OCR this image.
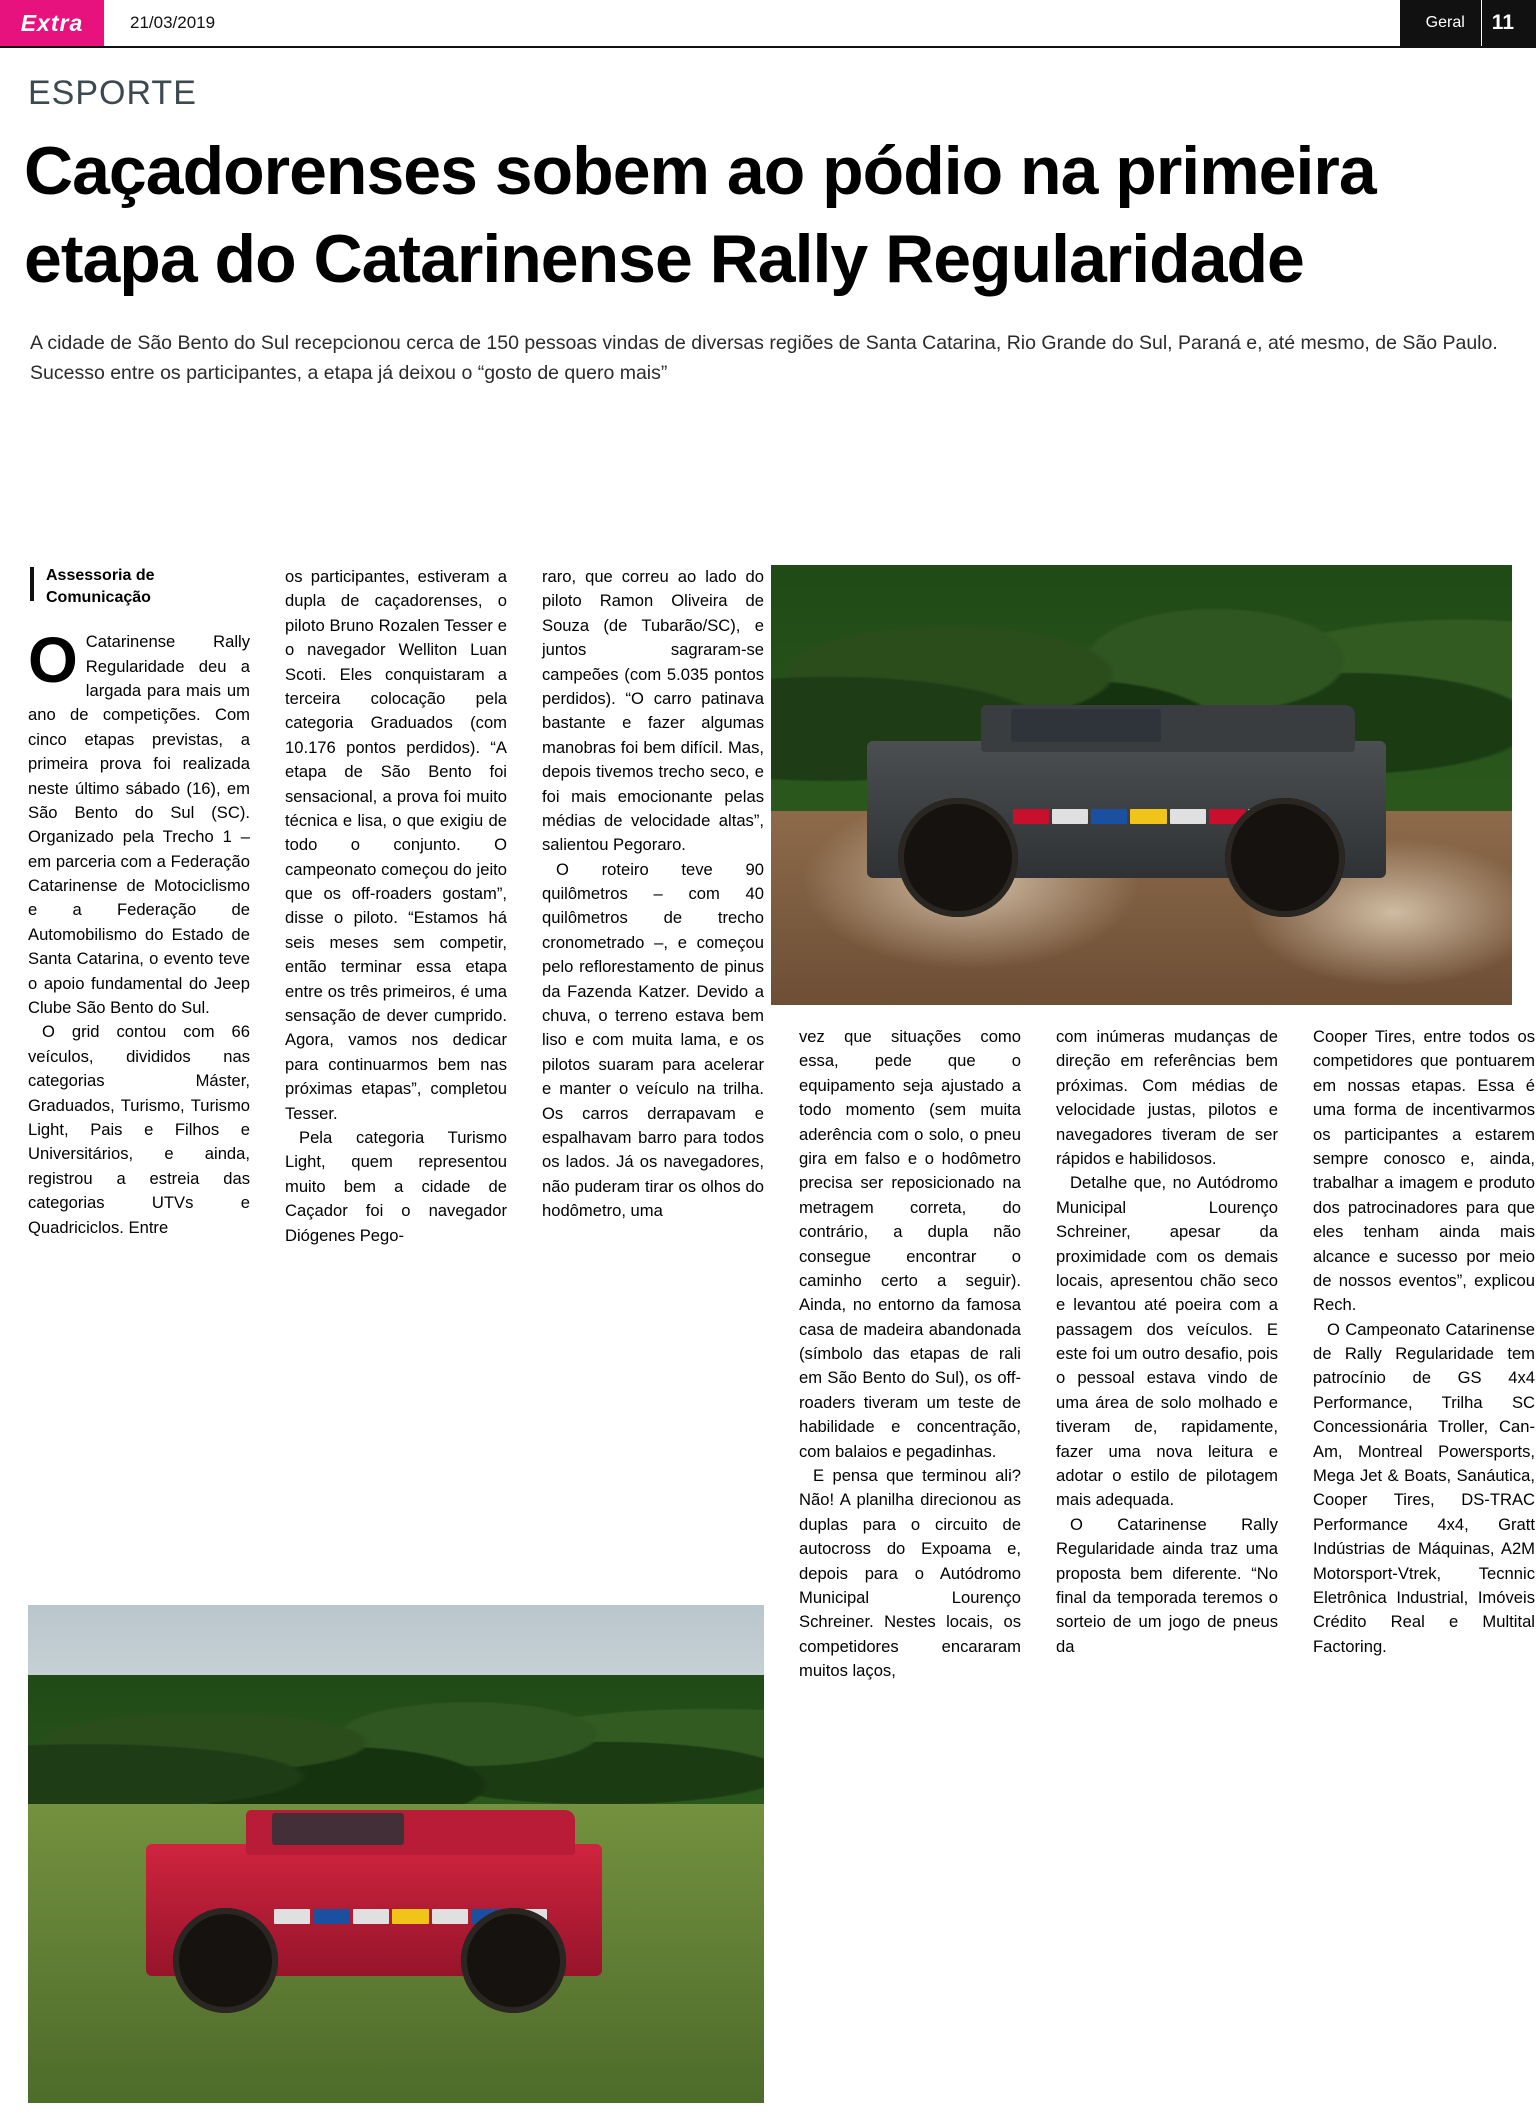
Extra	21/03/2019	Geral	11
ESPORTE
Caçadorenses sobem ao pódio na primeira etapa do Catarinense Rally Regularidade
A cidade de São Bento do Sul recepcionou cerca de 150 pessoas vindas de diversas regiões de Santa Catarina, Rio Grande do Sul, Paraná e, até mesmo, de São Paulo. Sucesso entre os participantes, a etapa já deixou o “gosto de quero mais”
Assessoria de Comunicação

O Catarinense Rally Regularidade deu a largada para mais um ano de competições. Com cinco etapas previstas, a primeira prova foi realizada neste último sábado (16), em São Bento do Sul (SC). Organizado pela Trecho 1 – em parceria com a Federação Catarinense de Motociclismo e a Federação de Automobilismo do Estado de Santa Catarina, o evento teve o apoio fundamental do Jeep Clube São Bento do Sul.

O grid contou com 66 veículos, divididos nas categorias Máster, Graduados, Turismo, Turismo Light, Pais e Filhos e Universitários, e ainda, registrou a estreia das categorias UTVs e Quadriciclos. Entre

os participantes, estiveram a dupla de caçadorenses, o piloto Bruno Rozalen Tesser e o navegador Welliton Luan Scoti. Eles conquistaram a terceira colocação pela categoria Graduados (com 10.176 pontos perdidos). “A etapa de São Bento foi sensacional, a prova foi muito técnica e lisa, o que exigiu de todo o conjunto. O campeonato começou do jeito que os off-roaders gostam”, disse o piloto. “Estamos há seis meses sem competir, então terminar essa etapa entre os três primeiros, é uma sensação de dever cumprido. Agora, vamos nos dedicar para continuarmos bem nas próximas etapas”, completou Tesser.

Pela categoria Turismo Light, quem representou muito bem a cidade de Caçador foi o navegador Diógenes Pego-

raro, que correu ao lado do piloto Ramon Oliveira de Souza (de Tubarão/SC), e juntos sagraram-se campeões (com 5.035 pontos perdidos). “O carro patinava bastante e fazer algumas manobras foi bem difícil. Mas, depois tivemos trecho seco, e foi mais emocionante pelas médias de velocidade altas”, salientou Pegoraro.

O roteiro teve 90 quilômetros – com 40 quilômetros de trecho cronometrado –, e começou pelo reflorestamento de pinus da Fazenda Katzer. Devido a chuva, o terreno estava bem liso e com muita lama, e os pilotos suaram para acelerar e manter o veículo na trilha. Os carros derrapavam e espalhavam barro para todos os lados. Já os navegadores, não puderam tirar os olhos do hodômetro, uma

vez que situações como essa, pede que o equipamento seja ajustado a todo momento (sem muita aderência com o solo, o pneu gira em falso e o hodômetro precisa ser reposicionado na metragem correta, do contrário, a dupla não consegue encontrar o caminho certo a seguir). Ainda, no entorno da famosa casa de madeira abandonada (símbolo das etapas de rali em São Bento do Sul), os off-roaders tiveram um teste de habilidade e concentração, com balaios e pegadinhas.

E pensa que terminou ali? Não! A planilha direcionou as duplas para o circuito de autocross do Expoama e, depois para o Autódromo Municipal Lourenço Schreiner. Nestes locais, os competidores encararam muitos laços,

com inúmeras mudanças de direção em referências bem próximas. Com médias de velocidade justas, pilotos e navegadores tiveram de ser rápidos e habilidosos.

Detalhe que, no Autódromo Municipal Lourenço Schreiner, apesar da proximidade com os demais locais, apresentou chão seco e levantou até poeira com a passagem dos veículos. E este foi um outro desafio, pois o pessoal estava vindo de uma área de solo molhado e tiveram de, rapidamente, fazer uma nova leitura e adotar o estilo de pilotagem mais adequada.

O Catarinense Rally Regularidade ainda traz uma proposta bem diferente. “No final da temporada teremos o sorteio de um jogo de pneus da

Cooper Tires, entre todos os competidores que pontuarem em nossas etapas. Essa é uma forma de incentivarmos os participantes a estarem sempre conosco e, ainda, trabalhar a imagem e produto dos patrocinadores para que eles tenham ainda mais alcance e sucesso por meio de nossos eventos”, explicou Rech.

O Campeonato Catarinense de Rally Regularidade tem patrocínio de GS 4x4 Performance, Trilha SC Concessionária Troller, Can-Am, Montreal Powersports, Mega Jet & Boats, Sanáutica, Cooper Tires, DS-TRAC Performance 4x4, Gratt Indústrias de Máquinas, A2M Motorsport-Vtrek, Tecnnic Eletrônica Industrial, Imóveis Crédito Real e Multital Factoring.
